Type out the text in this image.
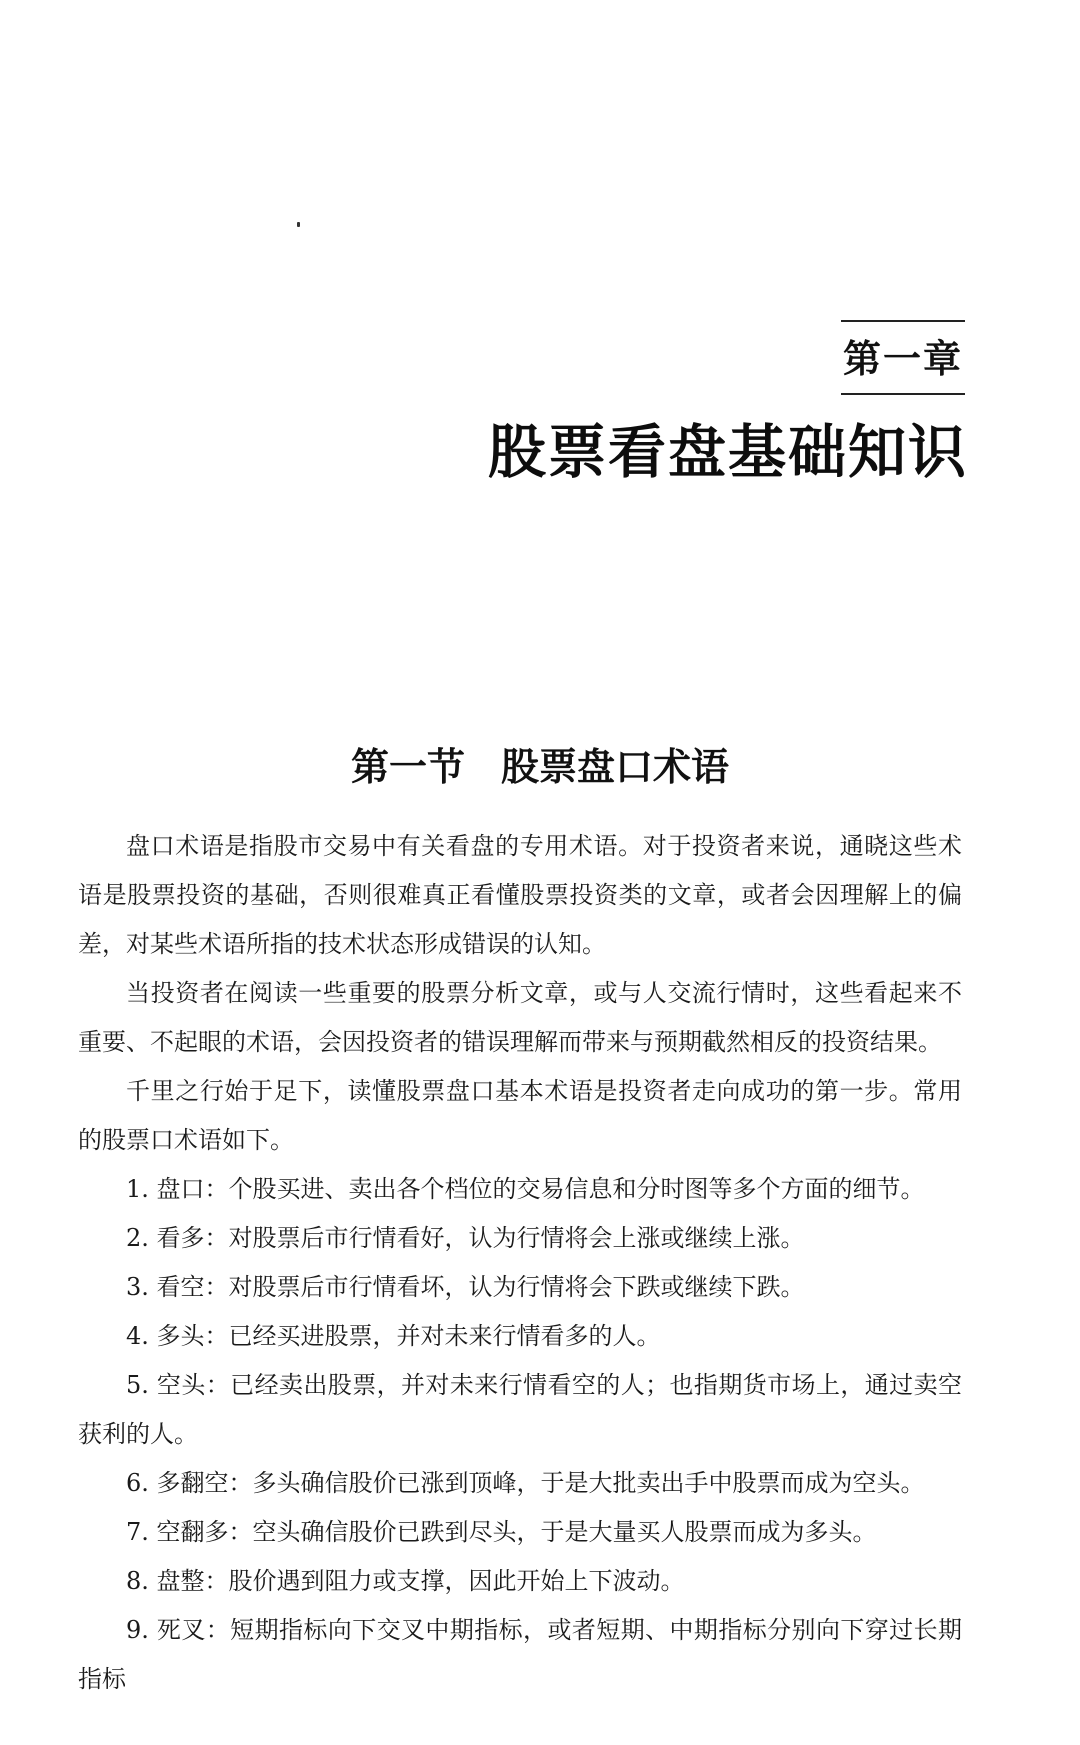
第一章
股票看盘基础知识
第一节 股票盘口术语

盘口术语是指股市交易中有关看盘的专用术语。对于投资者来说，通晓这些术语是股票投资的基础，否则很难真正看懂股票投资类的文章，或者会因理解上的偏差，对某些术语所指的技术状态形成错误的认知。

当投资者在阅读一些重要的股票分析文章，或与人交流行情时，这些看起来不重要、不起眼的术语，会因投资者的错误理解而带来与预期截然相反的投资结果。

千里之行始于足下，读懂股票盘口基本术语是投资者走向成功的第一步。常用的股票口术语如下。

1. 盘口：个股买进、卖出各个档位的交易信息和分时图等多个方面的细节。

2. 看多：对股票后市行情看好，认为行情将会上涨或继续上涨。

3. 看空：对股票后市行情看坏，认为行情将会下跌或继续下跌。

4. 多头：已经买进股票，并对未来行情看多的人。

5. 空头：已经卖出股票，并对未来行情看空的人；也指期货市场上，通过卖空获利的人。

6. 多翻空：多头确信股价已涨到顶峰，于是大批卖出手中股票而成为空头。

7. 空翻多：空头确信股价已跌到尽头，于是大量买人股票而成为多头。

8. 盘整：股价遇到阻力或支撑，因此开始上下波动。

9. 死叉：短期指标向下交叉中期指标，或者短期、中期指标分别向下穿过长期指标
